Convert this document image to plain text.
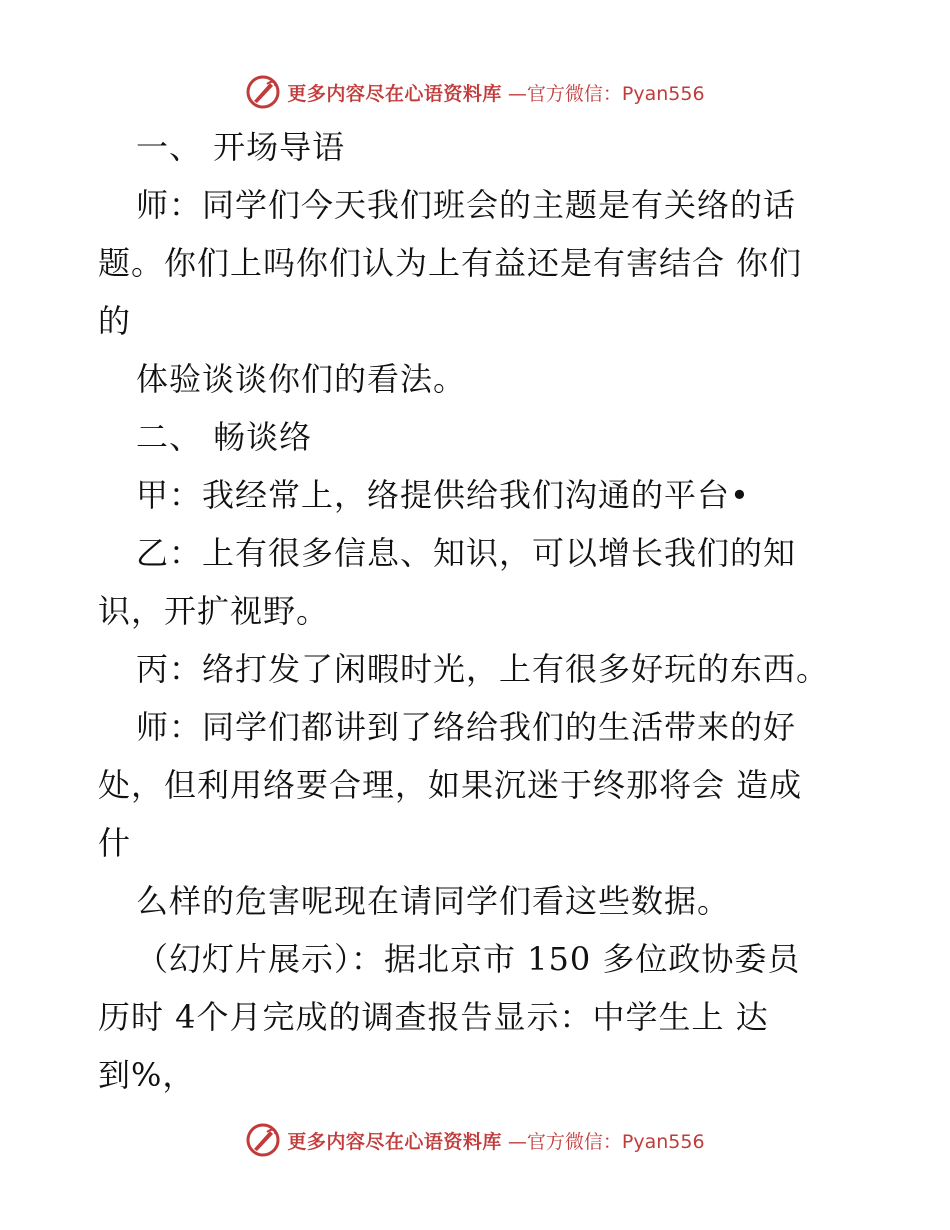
更多内容尽在心语资料库 —官方微信：Pyan556
一、 开场导语
师：同学们今天我们班会的主题是有关络的话
题。你们上吗你们认为上有益还是有害结合 你们
的
体验谈谈你们的看法。
二、 畅谈络
甲：我经常上，络提供给我们沟通的平台•
乙：上有很多信息、知识，可以增长我们的知
识，开扩视野。
丙：络打发了闲暇时光，上有很多好玩的东西。
师：同学们都讲到了络给我们的生活带来的好
处，但利用络要合理，如果沉迷于终那将会 造成
什
么样的危害呢现在请同学们看这些数据。
（幻灯片展示）：据北京市 150 多位政协委员
历时 4个月完成的调查报告显示：中学生上 达
到%，
更多内容尽在心语资料库 —官方微信：Pyan556
